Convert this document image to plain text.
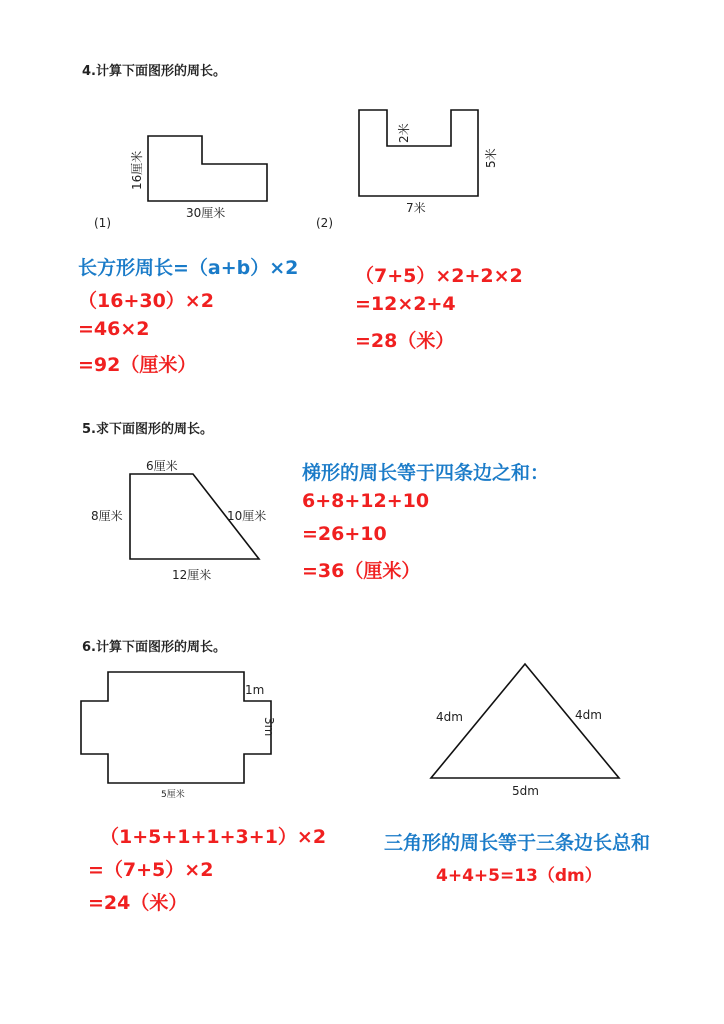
4.计算下面图形的周长。
16厘米
30厘米
(1)
2米
5米
7米
(2)
长方形周长=（a+b）×2
（16+30）×2
=46×2
=92（厘米）
（7+5）×2+2×2
=12×2+4
=28（米）
5.求下面图形的周长。
6厘米
8厘米	10厘米
12厘米
梯形的周长等于四条边之和：
6+8+12+10
=26+10
=36（厘米）
6.计算下面图形的周长。
1m
3m
5厘米
4dm	4dm
5dm
（1+5+1+1+3+1）×2
=（7+5）×2
=24（米）
三角形的周长等于三条边长总和
4+4+5=13（dm）
